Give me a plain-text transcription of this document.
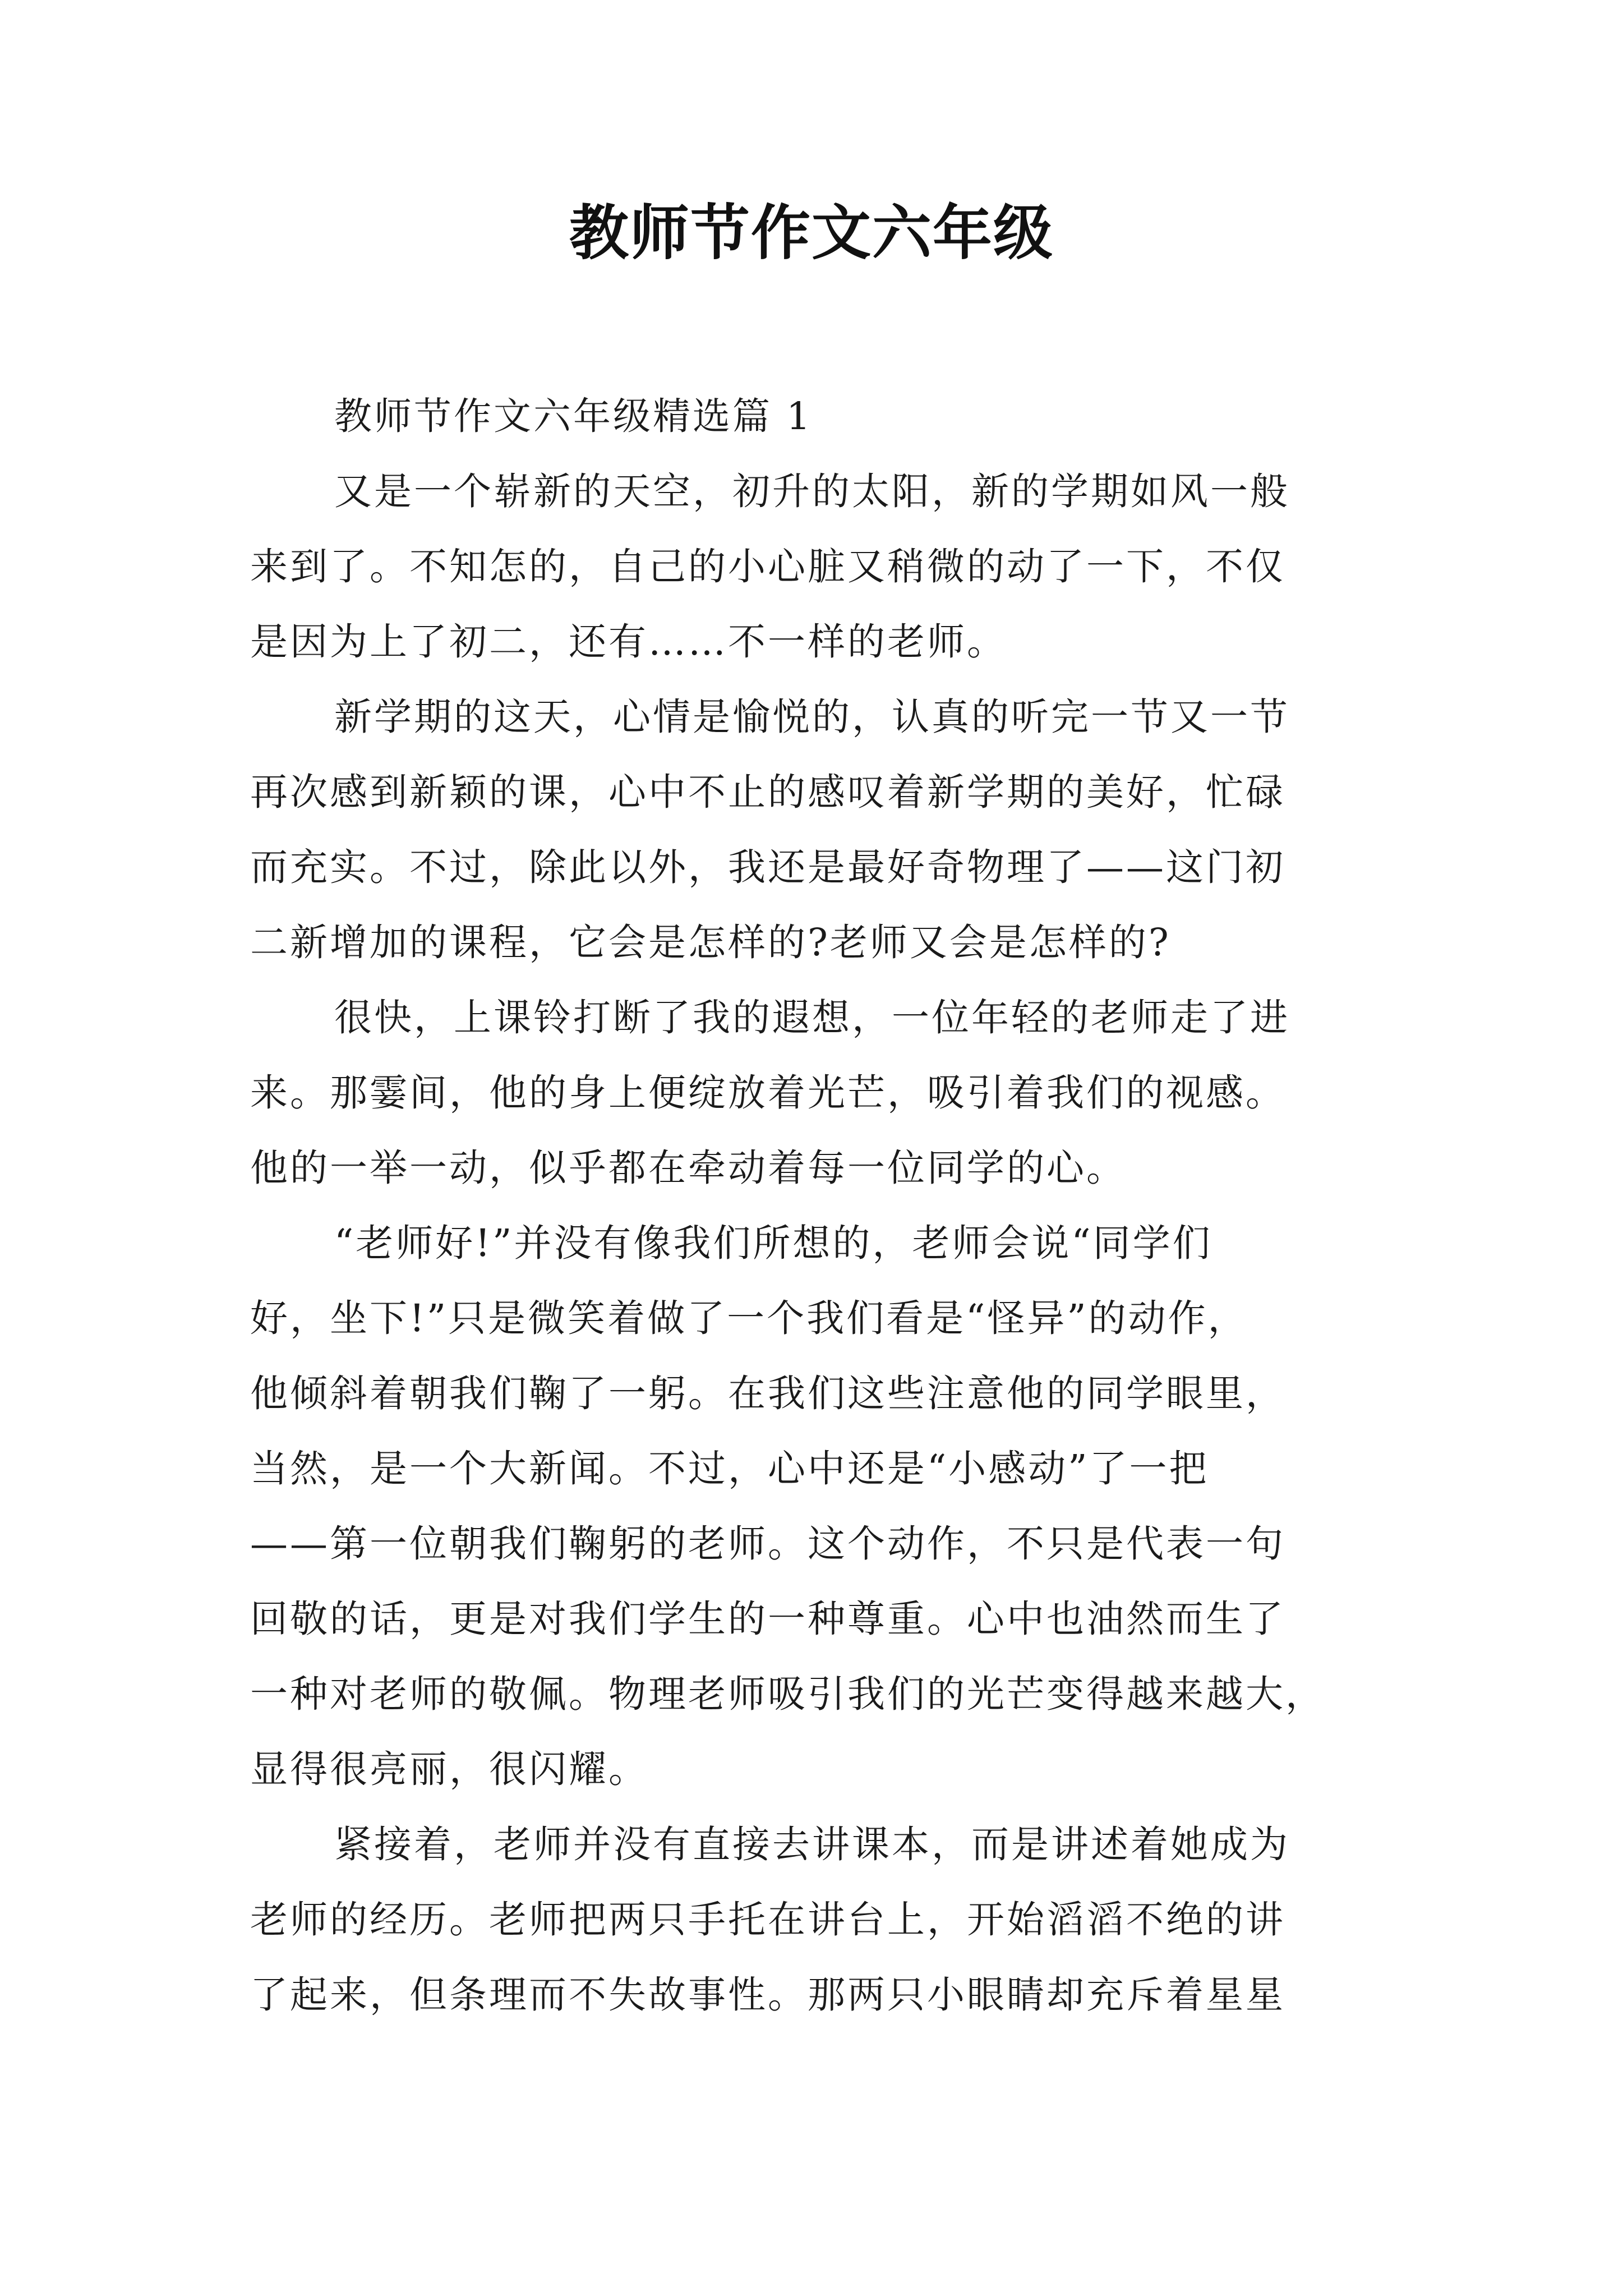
教师节作文六年级
教师节作文六年级精选篇 1
又是一个崭新的天空，初升的太阳，新的学期如风一般
来到了。不知怎的，自己的小心脏又稍微的动了一下，不仅
是因为上了初二，还有……不一样的老师。
新学期的这天，心情是愉悦的，认真的听完一节又一节
再次感到新颖的课，心中不止的感叹着新学期的美好，忙碌
而充实。不过，除此以外，我还是最好奇物理了——这门初
二新增加的课程，它会是怎样的?老师又会是怎样的?
很快，上课铃打断了我的遐想，一位年轻的老师走了进
来。那霎间，他的身上便绽放着光芒，吸引着我们的视感。
他的一举一动，似乎都在牵动着每一位同学的心。
“老师好!”并没有像我们所想的，老师会说“同学们
好，坐下!”只是微笑着做了一个我们看是“怪异”的动作，
他倾斜着朝我们鞠了一躬。在我们这些注意他的同学眼里，
当然，是一个大新闻。不过，心中还是“小感动”了一把
——第一位朝我们鞠躬的老师。这个动作，不只是代表一句
回敬的话，更是对我们学生的一种尊重。心中也油然而生了
一种对老师的敬佩。物理老师吸引我们的光芒变得越来越大，
显得很亮丽，很闪耀。
紧接着，老师并没有直接去讲课本，而是讲述着她成为
老师的经历。老师把两只手托在讲台上，开始滔滔不绝的讲
了起来，但条理而不失故事性。那两只小眼睛却充斥着星星
